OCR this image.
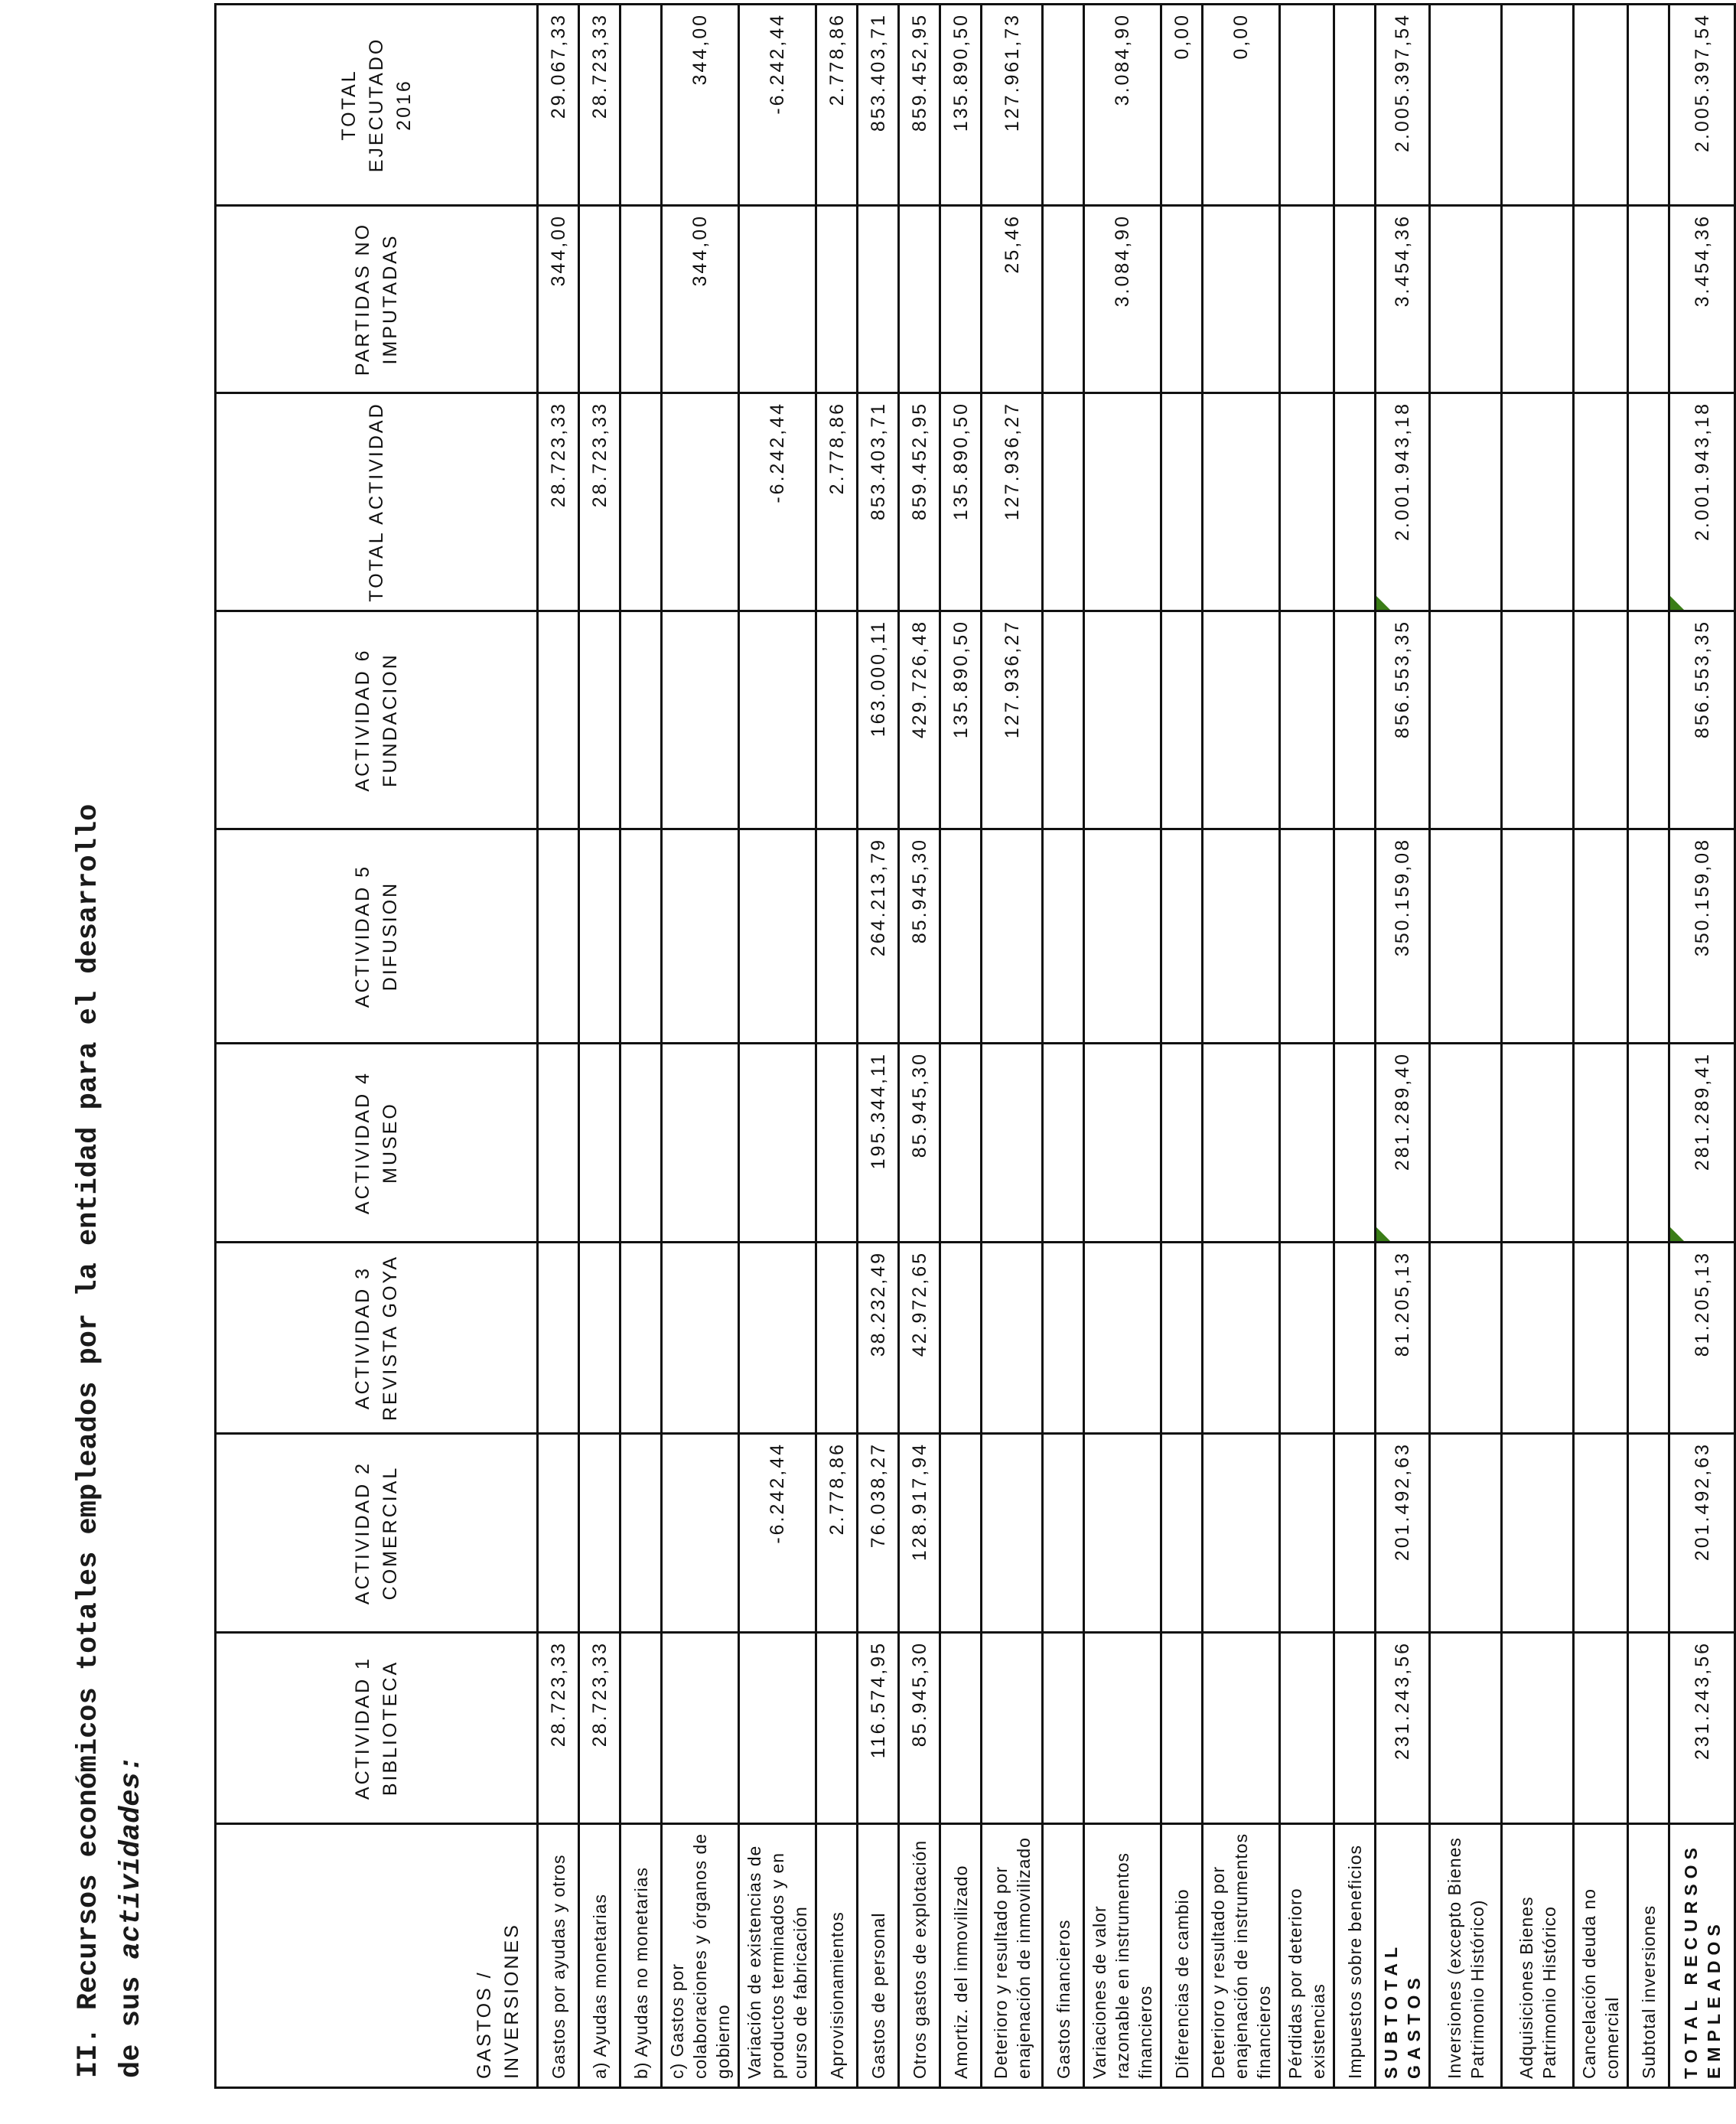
II. Recursos económicos totales empleados por la entidad para el desarrollo de sus actividades:
GASTOS / INVERSIONES	ACTIVIDAD 1 BIBLIOTECA	ACTIVIDAD 2 COMERCIAL	ACTIVIDAD 3 REVISTA GOYA	ACTIVIDAD 4 MUSEO	ACTIVIDAD 5 DIFUSION	ACTIVIDAD 6 FUNDACION	TOTAL ACTIVIDAD	PARTIDAS NO IMPUTADAS	TOTAL EJECUTADO 2016
Gastos por ayudas y otros	28.723,33						28.723,33	344,00	29.067,33
a) Ayudas monetarias	28.723,33						28.723,33		28.723,33
b) Ayudas no monetarias									
c) Gastos por colaboraciones y órganos de gobierno								344,00	344,00
Variación de existencias de productos terminados y en curso de fabricación		-6.242,44					-6.242,44		-6.242,44
Aprovisionamientos		2.778,86					2.778,86		2.778,86
Gastos de personal	116.574,95	76.038,27	38.232,49	195.344,11	264.213,79	163.000,11	853.403,71		853.403,71
Otros gastos de explotación	85.945,30	128.917,94	42.972,65	85.945,30	85.945,30	429.726,48	859.452,95		859.452,95
Amortiz. del inmovilizado						135.890,50	135.890,50		135.890,50
Deterioro y resultado por enajenación de inmovilizado						127.936,27	127.936,27	25,46	127.961,73
Gastos financieros									
Variaciones de valor razonable en instrumentos financieros								3.084,90	3.084,90
Diferencias de cambio									0,00
Deterioro y resultado por enajenación de instrumentos financieros									0,00
Pérdidas por deterioro existencias									
Impuestos sobre beneficios									
SUBTOTAL GASTOS	231.243,56	201.492,63	81.205,13	281.289,40	350.159,08	856.553,35	2.001.943,18	3.454,36	2.005.397,54
Inversiones (excepto Bienes Patrimonio Histórico)									
Adquisiciones Bienes Patrimonio Histórico									
Cancelación deuda no comercial									
Subtotal inversiones									
TOTAL RECURSOS EMPLEADOS	231.243,56	201.492,63	81.205,13	281.289,41	350.159,08	856.553,35	2.001.943,18	3.454,36	2.005.397,54
